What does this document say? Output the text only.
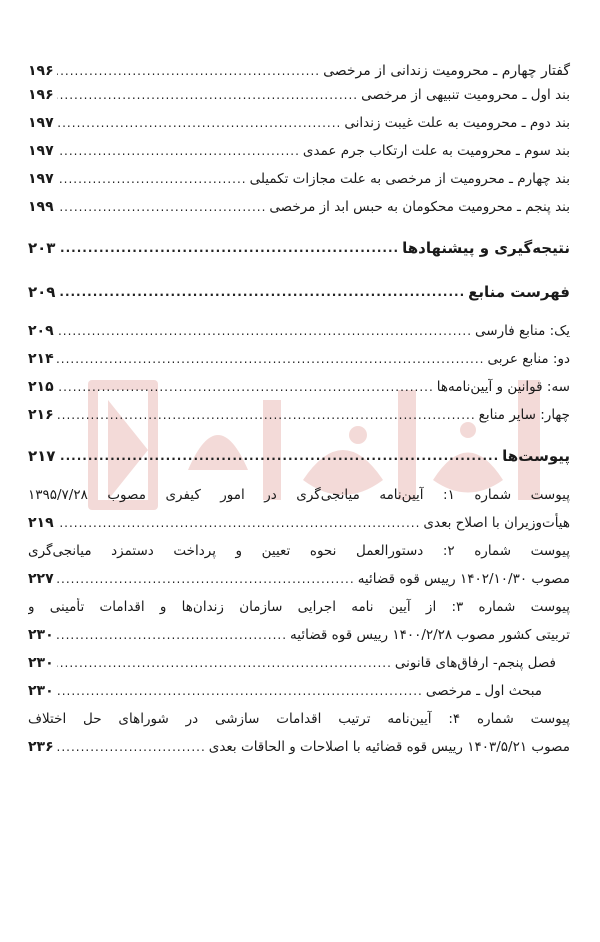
گفتار چهارم ـ محرومیت زندانی از مرخصی
.....
۱۹۶
بند اول ـ محرومیت تنبیهی از مرخصی
.....
۱۹۶
بند دوم ـ محرومیت به علت غیبت زندانی
.....
۱۹۷
بند سوم ـ محرومیت به علت ارتکاب جرم عمدی
.....
۱۹۷
بند چهارم ـ محرومیت از مرخصی به علت مجازات تکمیلی
.....
۱۹۷
بند پنجم ـ محرومیت محکومان به حبس ابد از مرخصی
.....
۱۹۹
نتیجه‌گیری و پیشنهادها
.....
۲۰۳
فهرست منابع
.....
۲۰۹
یک: منابع فارسی
.....
۲۰۹
دو: منابع عربی
.....
۲۱۴
سه: قوانین و آیین‌نامه‌ها
.....
۲۱۵
چهار: سایر منابع
.....
۲۱۶
پیوست‌ها
.....
۲۱۷
پیوست شماره ۱: آیین‌نامه میانجی‌گری در امور کیفری مصوب ۱۳۹۵/۷/۲۸
هیأت‌وزیران با اصلاح بعدی
.....
۲۱۹
پیوست شماره ۲: دستورالعمل نحوه تعیین و پرداخت دستمزد میانجی‌گری
مصوب ۱۴۰۲/۱۰/۳۰ رییس قوه قضائیه
.....
۲۲۷
پیوست شماره ۳: از آیین نامه اجرایی سازمان زندان‌ها و اقدامات تأمینی و
تربیتی کشور مصوب ۱۴۰۰/۲/۲۸ رییس قوه قضائیه
.....
۲۳۰
فصل پنجم- ارفاق‌های قانونی
.....
۲۳۰
مبحث اول ـ مرخصی
.....
۲۳۰
پیوست شماره ۴: آیین‌نامه ترتیب اقدامات سازشی در شوراهای حل اختلاف
مصوب ۱۴۰۳/۵/۲۱ رییس قوه قضائیه با اصلاحات و الحاقات بعدی
.....
۲۳۶
